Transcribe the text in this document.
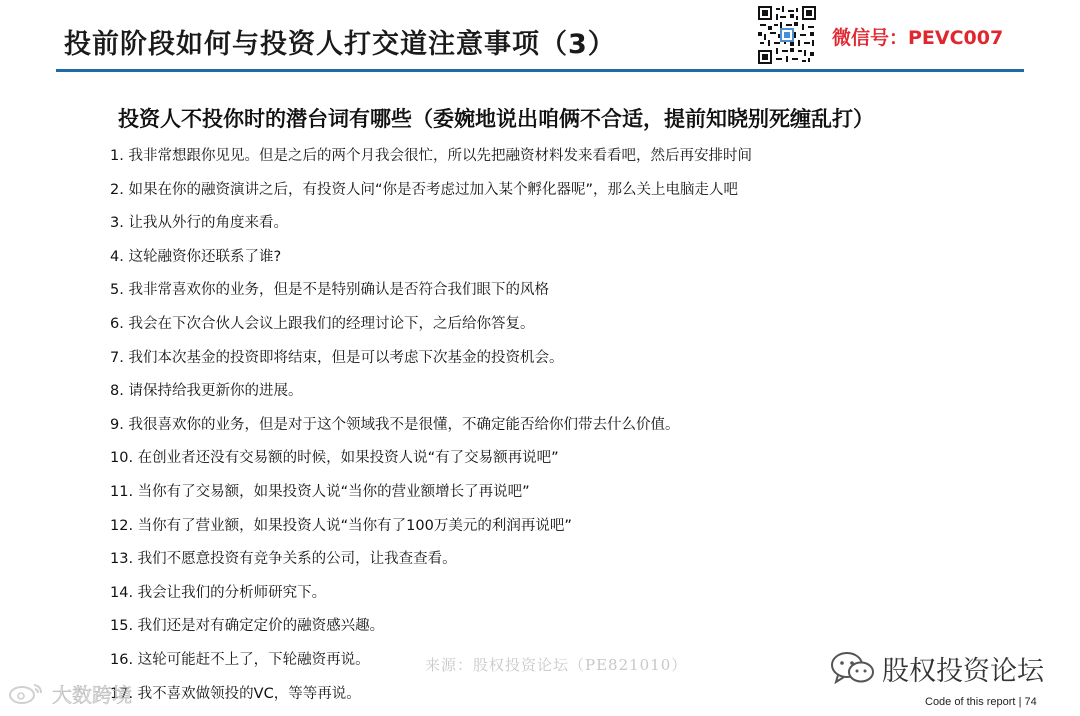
投前阶段如何与投资人打交道注意事项（3）	微信号：PEVC007
投资人不投你时的潜台词有哪些（委婉地说出咱俩不合适，提前知晓别死缠乱打）
1. 我非常想跟你见见。但是之后的两个月我会很忙，所以先把融资材料发来看看吧，然后再安排时间
2. 如果在你的融资演讲之后，有投资人问“你是否考虑过加入某个孵化器呢”，那么关上电脑走人吧
3. 让我从外行的角度来看。
4. 这轮融资你还联系了谁?
5. 我非常喜欢你的业务，但是不是特别确认是否符合我们眼下的风格
6. 我会在下次合伙人会议上跟我们的经理讨论下，之后给你答复。
7. 我们本次基金的投资即将结束，但是可以考虑下次基金的投资机会。
8. 请保持给我更新你的进展。
9. 我很喜欢你的业务，但是对于这个领域我不是很懂，不确定能否给你们带去什么价值。
10. 在创业者还没有交易额的时候，如果投资人说“有了交易额再说吧”
11. 当你有了交易额，如果投资人说“当你的营业额增长了再说吧”
12. 当你有了营业额，如果投资人说“当你有了100万美元的利润再说吧”
13. 我们不愿意投资有竞争关系的公司，让我查查看。
14. 我会让我们的分析师研究下。
15. 我们还是对有确定定价的融资感兴趣。
16. 这轮可能赶不上了，下轮融资再说。
17. 我不喜欢做领投的VC，等等再说。
来源：股权投资论坛（PE821010）	股权投资论坛
Code of this report | 74
大数跨境
